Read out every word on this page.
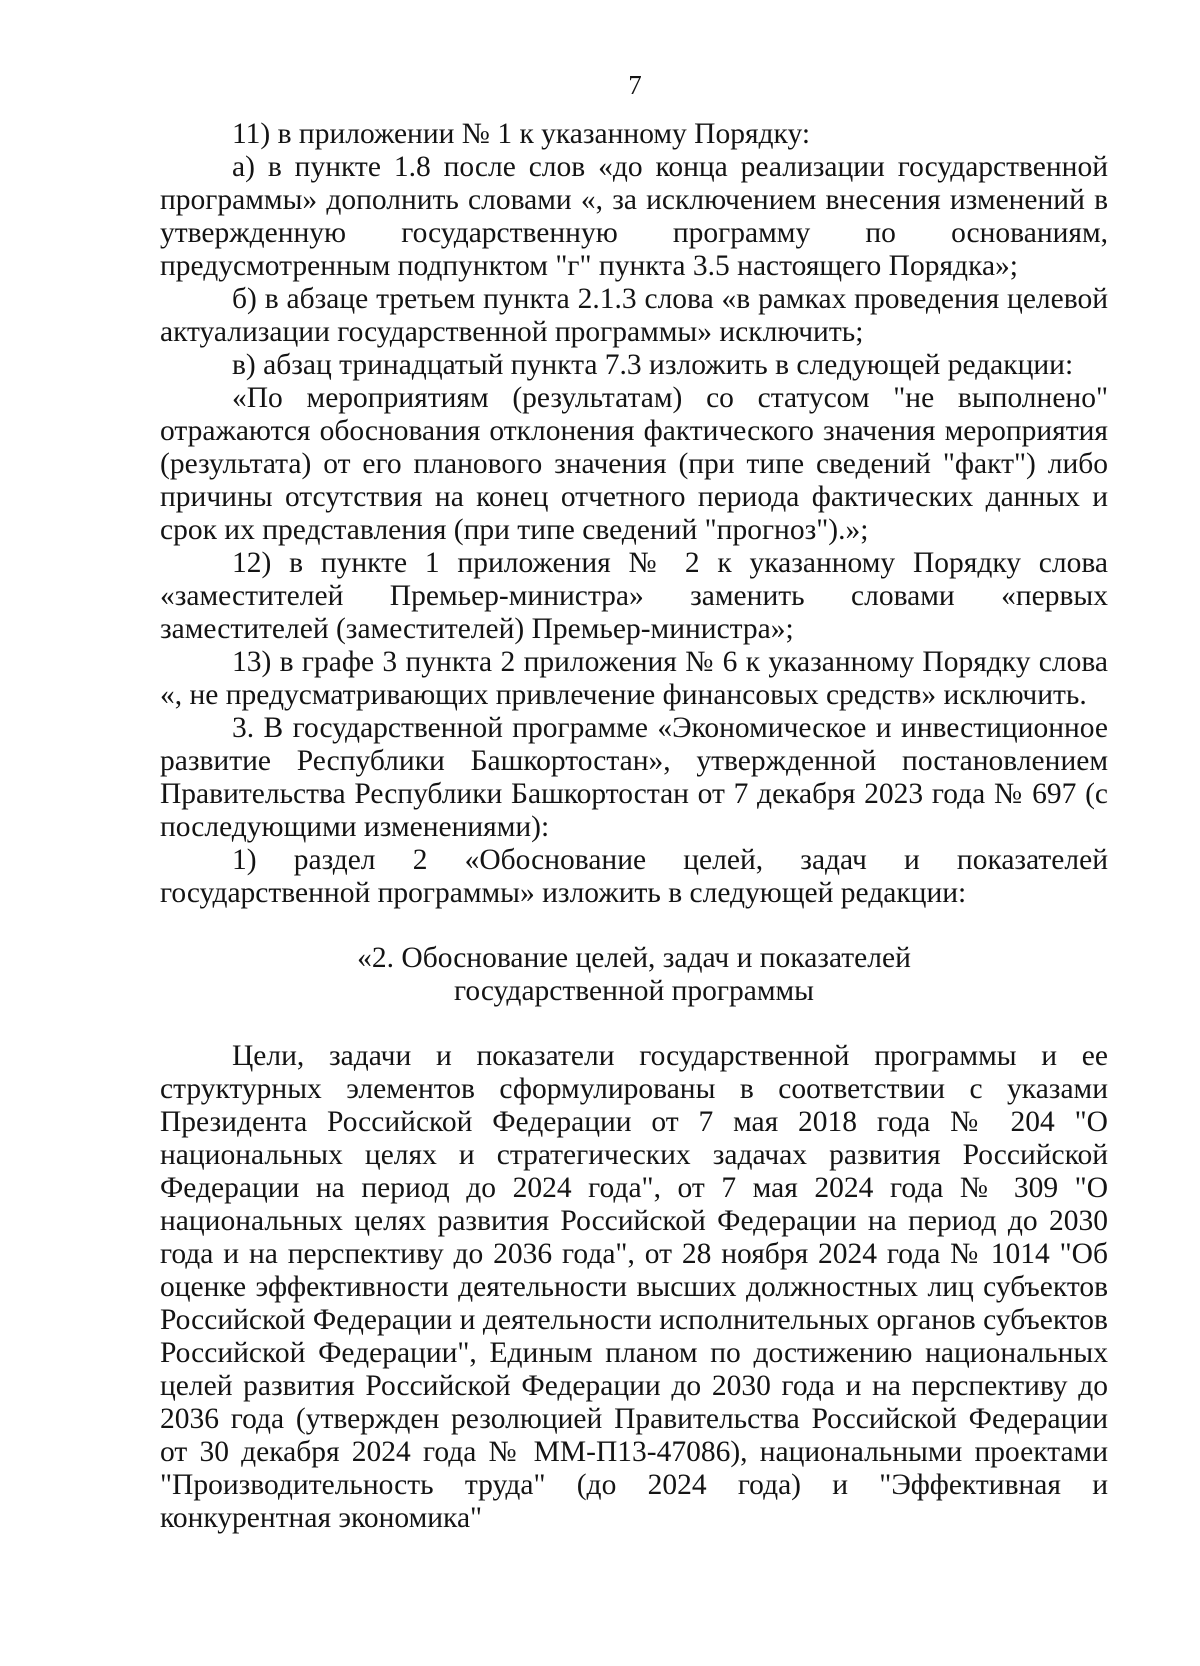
7

11) в приложении № 1 к указанному Порядку:

а) в пункте 1.8 после слов «до конца реализации государственной программы» дополнить словами «, за исключением внесения изменений в утвержденную государственную программу по основаниям, предусмотренным подпунктом "г" пункта 3.5 настоящего Порядка»;

б) в абзаце третьем пункта 2.1.3 слова «в рамках проведения целевой актуализации государственной программы» исключить;

в) абзац тринадцатый пункта 7.3 изложить в следующей редакции:

«По мероприятиям (результатам) со статусом "не выполнено" отражаются обоснования отклонения фактического значения мероприятия (результата) от его планового значения (при типе сведений "факт") либо причины отсутствия на конец отчетного периода фактических данных и срок их представления (при типе сведений "прогноз").»;

12) в пункте 1 приложения № 2 к указанному Порядку слова «заместителей Премьер-министра» заменить словами «первых заместителей (заместителей) Премьер-министра»;

13) в графе 3 пункта 2 приложения № 6 к указанному Порядку слова «, не предусматривающих привлечение финансовых средств» исключить.

3. В государственной программе «Экономическое и инвестиционное развитие Республики Башкортостан», утвержденной постановлением Правительства Республики Башкортостан от 7 декабря 2023 года № 697 (с последующими изменениями):

1) раздел 2 «Обоснование целей, задач и показателей государственной программы» изложить в следующей редакции:

«2. Обоснование целей, задач и показателей
государственной программы

Цели, задачи и показатели государственной программы и ее структурных элементов сформулированы в соответствии с указами Президента Российской Федерации от 7 мая 2018 года № 204 "О национальных целях и стратегических задачах развития Российской Федерации на период до 2024 года", от 7 мая 2024 года № 309 "О национальных целях развития Российской Федерации на период до 2030 года и на перспективу до 2036 года", от 28 ноября 2024 года № 1014 "Об оценке эффективности деятельности высших должностных лиц субъектов Российской Федерации и деятельности исполнительных органов субъектов Российской Федерации", Единым планом по достижению национальных целей развития Российской Федерации до 2030 года и на перспективу до 2036 года (утвержден резолюцией Правительства Российской Федерации от 30 декабря 2024 года № ММ-П13-47086), национальными проектами "Производительность труда" (до 2024 года) и "Эффективная и конкурентная экономика"
